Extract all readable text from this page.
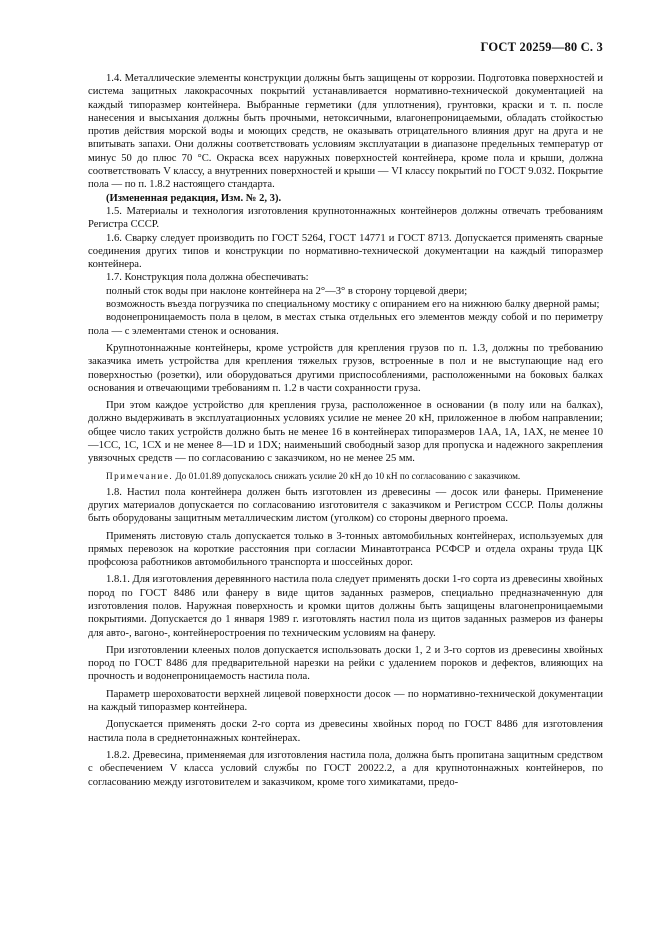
ГОСТ 20259—80 С. 3

1.4. Металлические элементы конструкции должны быть защищены от коррозии. Подготовка поверхностей и система защитных лакокрасочных покрытий устанавливается нормативно-технической документацией на каждый типоразмер контейнера. Выбранные герметики (для уплотнения), грунтовки, краски и т. п. после нанесения и высыхания должны быть прочными, нетоксичными, влагонепроницаемыми, обладать стойкостью против действия морской воды и моющих средств, не оказывать отрицательного влияния друг на друга и не впитывать запахи. Они должны соответствовать условиям эксплуатации в диапазоне предельных температур от минус 50 до плюс 70 °С. Окраска всех наружных поверхностей контейнера, кроме пола и крыши, должна соответствовать V классу, а внутренних поверхностей и крыши — VI классу покрытий по ГОСТ 9.032. Покрытие пола — по п. 1.8.2 настоящего стандарта.

(Измененная редакция, Изм. № 2, 3).

1.5. Материалы и технология изготовления крупнотоннажных контейнеров должны отвечать требованиям Регистра СССР.

1.6. Сварку следует производить по ГОСТ 5264, ГОСТ 14771 и ГОСТ 8713. Допускается применять сварные соединения других типов и конструкции по нормативно-технической документации на каждый типоразмер контейнера.

1.7. Конструкция пола должна обеспечивать:

полный сток воды при наклоне контейнера на 2°—3° в сторону торцевой двери;

возможность въезда погрузчика по специальному мостику с опиранием его на нижнюю балку дверной рамы;

водонепроницаемость пола в целом, в местах стыка отдельных его элементов между собой и по периметру пола — с элементами стенок и основания.

Крупнотоннажные контейнеры, кроме устройств для крепления грузов по п. 1.3, должны по требованию заказчика иметь устройства для крепления тяжелых грузов, встроенные в пол и не выступающие над его поверхностью (розетки), или оборудоваться другими приспособлениями, расположенными на боковых балках основания и отвечающими требованиям п. 1.2 в части сохранности груза.

При этом каждое устройство для крепления груза, расположенное в основании (в полу или на балках), должно выдерживать в эксплуатационных условиях усилие не менее 20 кН, приложенное в любом направлении; общее число таких устройств должно быть не менее 16 в контейнерах типоразмеров 1АА, 1А, 1АХ, не менее 10—1СС, 1С, 1СХ и не менее 8—1D и 1DX; наименьший свободный зазор для пропуска и надежного закрепления увязочных средств — по согласованию с заказчиком, но не менее 25 мм.

Примечание. До 01.01.89 допускалось снижать усилие 20 кН до 10 кН по согласованию с заказчиком.

1.8. Настил пола контейнера должен быть изготовлен из древесины — досок или фанеры. Применение других материалов допускается по согласованию изготовителя с заказчиком и Регистром СССР. Полы должны быть оборудованы защитным металлическим листом (уголком) со стороны дверного проема.

Применять листовую сталь допускается только в 3-тонных автомобильных контейнерах, используемых для прямых перевозок на короткие расстояния при согласии Минавтотранса РСФСР и отдела охраны труда ЦК профсоюза работников автомобильного транспорта и шоссейных дорог.

1.8.1. Для изготовления деревянного настила пола следует применять доски 1-го сорта из древесины хвойных пород по ГОСТ 8486 или фанеру в виде щитов заданных размеров, специально предназначенную для изготовления полов. Наружная поверхность и кромки щитов должны быть защищены влагонепроницаемыми покрытиями. Допускается до 1 января 1989 г. изготовлять настил пола из щитов заданных размеров из фанеры для авто-, вагоно-, контейнеростроения по техническим условиям на фанеру.

При изготовлении клееных полов допускается использовать доски 1, 2 и 3-го сортов из древесины хвойных пород по ГОСТ 8486 для предварительной нарезки на рейки с удалением пороков и дефектов, влияющих на прочность и водонепроницаемость настила пола.

Параметр шероховатости верхней лицевой поверхности досок — по нормативно-технической документации на каждый типоразмер контейнера.

Допускается применять доски 2-го сорта из древесины хвойных пород по ГОСТ 8486 для изготовления настила пола в среднетоннажных контейнерах.

1.8.2. Древесина, применяемая для изготовления настила пола, должна быть пропитана защитным средством с обеспечением V класса условий службы по ГОСТ 20022.2, а для крупнотоннажных контейнеров, по согласованию между изготовителем и заказчиком, кроме того химикатами, предо-
